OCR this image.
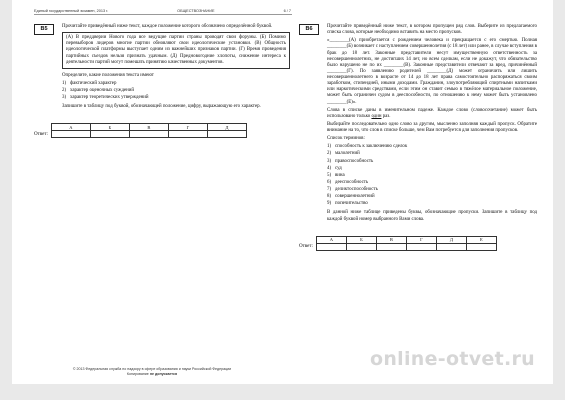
Единый государственный экзамен, 2013 г.	ОБЩЕСТВОЗНАНИЕ	6 / 7
B5	Прочитайте приведённый ниже текст, каждое положение которого обозначено определённой буквой.

(А) В преддверии Нового года все ведущие партии страны проводят свои форумы. (Б) Помимо перевыборов лидеров многие партии обновляют свои идеологические установки. (В) Общность идеологической платформы выступает одним из важнейших признаков партии. (Г) Время проведения партийных съездов нельзя признать удачным. (Д) Предновогодние хлопоты, снижение интереса к деятельности партий могут помешать принятию качественных документов.

Определите, какие положения текста имеют

1) фактический характер
2) характер оценочных суждений
3) характер теоретических утверждений

Запишите в таблицу под буквой, обозначающей положение, цифру, выражающую его характер.

Ответ:
А	Б	В	Г	Д

B6	Прочитайте приведённый ниже текст, в котором пропущен ряд слов. Выберите из предлагаемого списка слова, которые необходимо вставить на место пропусков.

«________(А) приобретается с рождением человека и прекращается с его смертью. Полная ________(Б) возникает с наступлением совершеннолетия (с 18 лет) или ранее, в случае вступления в брак до 18 лет. Законные представители несут имущественную ответственность за несовершеннолетних, не достигших 14 лет, но всем сделкам, если не докажут, что обязательство было нарушено не по их ________(В). Законные представители отвечают за вред, причинённый ________(Г). По заявлению родителей ________(Д) может ограничить или лишить несовершеннолетнего в возрасте от 14 до 18 лет права самостоятельно распоряжаться своим заработком, стипендией, иными доходами. Гражданин, злоупотребляющий спиртными напитками или наркотическими средствами, если этим он ставит семью в тяжёлое материальное положение, может быть ограничен судом в дееспособности, по отношению к нему может быть установлено ________(Е)».

Слова в списке даны в именительном падеже. Каждое слово (словосочетание) может быть использовано только один раз.

Выбирайте последовательно одно слово за другим, мысленно заполняя каждый пропуск. Обратите внимание на то, что слов в списке больше, чем Вам потребуется для заполнения пропусков.

Список терминов:

1) способность к заключению сделок
2) малолетний
3) правоспособность
4) суд
5) вина
6) дееспособность
7) деликтоспособность
8) совершеннолетний
9) попечительство

В данной ниже таблице приведены буквы, обозначающие пропуски. Запишите в таблицу под каждой буквой номер выбранного Вами слова.

Ответ:
А	Б	В	Г	Д	Е

© 2013 Федеральная служба по надзору в сфере образования и науки Российской Федерации
Копирование не допускается
online-otvet.ru
